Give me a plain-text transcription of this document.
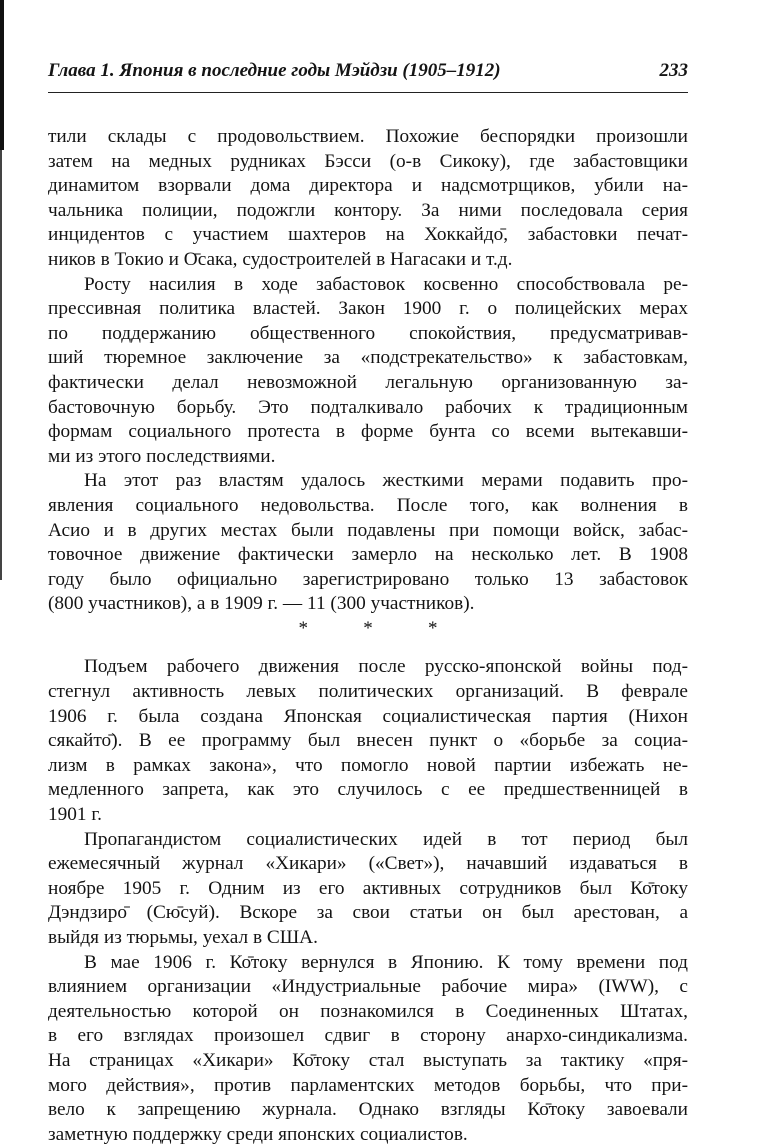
Глава 1. Япония в последние годы Мэйдзи (1905–1912)	233
тили склады с продовольствием. Похожие беспорядки произошли
затем на медных рудниках Бэсси (о-в Сикоку), где забастовщики
динамитом взорвали дома директора и надсмотрщиков, убили на-
чальника полиции, подожгли контору. За ними последовала серия
инцидентов с участием шахтеров на Хоккайдо̄, забастовки печат-
ников в Токио и О̄сака, судостроителей в Нагасаки и т.д.
Росту насилия в ходе забастовок косвенно способствовала ре-
прессивная политика властей. Закон 1900 г. о полицейских мерах
по поддержанию общественного спокойствия, предусматривав-
ший тюремное заключение за «подстрекательство» к забастовкам,
фактически делал невозможной легальную организованную за-
бастовочную борьбу. Это подталкивало рабочих к традиционным
формам социального протеста в форме бунта со всеми вытекавши-
ми из этого последствиями.
На этот раз властям удалось жесткими мерами подавить про-
явления социального недовольства. После того, как волнения в
Асио и в других местах были подавлены при помощи войск, забас-
товочное движение фактически замерло на несколько лет. В 1908
году было официально зарегистрировано только 13 забастовок
(800 участников), а в 1909 г. — 11 (300 участников).
*	*	*
Подъем рабочего движения после русско-японской войны под-
стегнул активность левых политических организаций. В феврале
1906 г. была создана Японская социалистическая партия (Нихон
сякайто̄). В ее программу был внесен пункт о «борьбе за социа-
лизм в рамках закона», что помогло новой партии избежать не-
медленного запрета, как это случилось с ее предшественницей в
1901 г.
Пропагандистом социалистических идей в тот период был
ежемесячный журнал «Хикари» («Свет»), начавший издаваться в
ноябре 1905 г. Одним из его активных сотрудников был Ко̄току
Дэндзиро̄ (Сю̄суй). Вскоре за свои статьи он был арестован, а
выйдя из тюрьмы, уехал в США.
В мае 1906 г. Ко̄току вернулся в Японию. К тому времени под
влиянием организации «Индустриальные рабочие мира» (IWW), с
деятельностью которой он познакомился в Соединенных Штатах,
в его взглядах произошел сдвиг в сторону анархо-синдикализма.
На страницах «Хикари» Ко̄току стал выступать за тактику «пря-
мого действия», против парламентских методов борьбы, что при-
вело к запрещению журнала. Однако взгляды Ко̄току завоевали
заметную поддержку среди японских социалистов.
